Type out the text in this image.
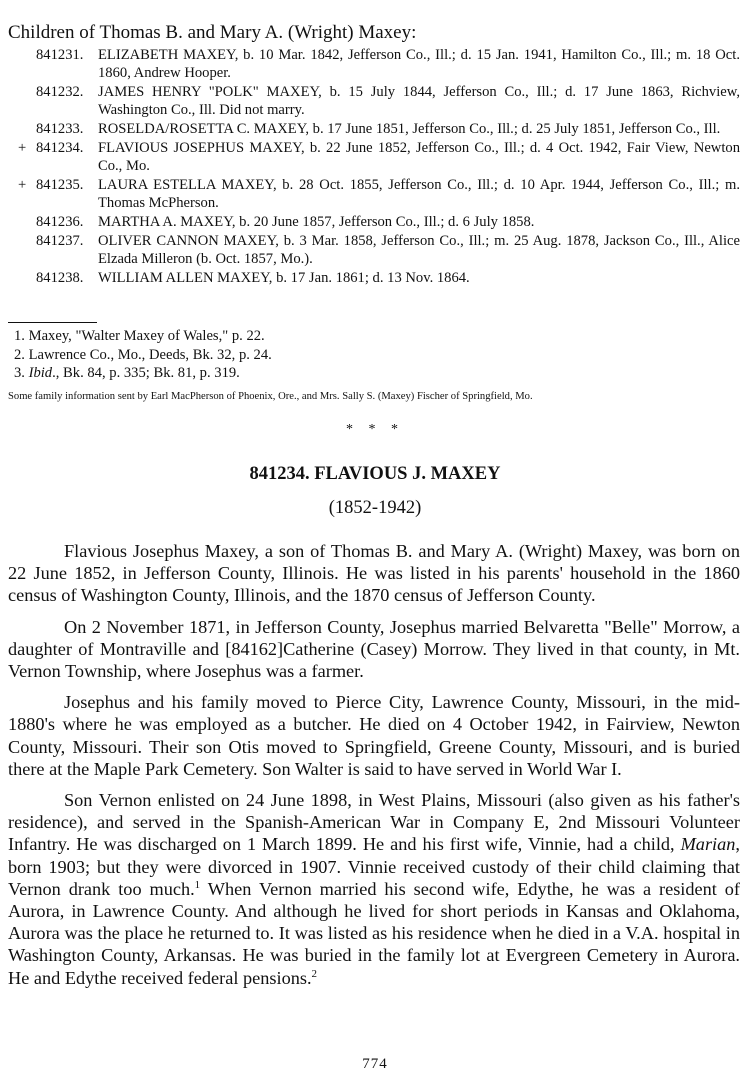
Children of Thomas B. and Mary A. (Wright) Maxey:
841231. ELIZABETH MAXEY, b. 10 Mar. 1842, Jefferson Co., Ill.; d. 15 Jan. 1941, Hamilton Co., Ill.; m. 18 Oct. 1860, Andrew Hooper.
841232. JAMES HENRY "POLK" MAXEY, b. 15 July 1844, Jefferson Co., Ill.; d. 17 June 1863, Richview, Washington Co., Ill. Did not marry.
841233. ROSELDA/ROSETTA C. MAXEY, b. 17 June 1851, Jefferson Co., Ill.; d. 25 July 1851, Jefferson Co., Ill.
+ 841234. FLAVIOUS JOSEPHUS MAXEY, b. 22 June 1852, Jefferson Co., Ill.; d. 4 Oct. 1942, Fair View, Newton Co., Mo.
+ 841235. LAURA ESTELLA MAXEY, b. 28 Oct. 1855, Jefferson Co., Ill.; d. 10 Apr. 1944, Jefferson Co., Ill.; m. Thomas McPherson.
841236. MARTHA A. MAXEY, b. 20 June 1857, Jefferson Co., Ill.; d. 6 July 1858.
841237. OLIVER CANNON MAXEY, b. 3 Mar. 1858, Jefferson Co., Ill.; m. 25 Aug. 1878, Jackson Co., Ill., Alice Elzada Milleron (b. Oct. 1857, Mo.).
841238. WILLIAM ALLEN MAXEY, b. 17 Jan. 1861; d. 13 Nov. 1864.
1. Maxey, "Walter Maxey of Wales," p. 22.
2. Lawrence Co., Mo., Deeds, Bk. 32, p. 24.
3. Ibid., Bk. 84, p. 335; Bk. 81, p. 319.
Some family information sent by Earl MacPherson of Phoenix, Ore., and Mrs. Sally S. (Maxey) Fischer of Springfield, Mo.
* * *
841234. FLAVIOUS J. MAXEY
(1852-1942)

Flavious Josephus Maxey, a son of Thomas B. and Mary A. (Wright) Maxey, was born on 22 June 1852, in Jefferson County, Illinois. He was listed in his parents' household in the 1860 census of Washington County, Illinois, and the 1870 census of Jefferson County.

On 2 November 1871, in Jefferson County, Josephus married Belvaretta "Belle" Morrow, a daughter of Montraville and [84162]Catherine (Casey) Morrow. They lived in that county, in Mt. Vernon Township, where Josephus was a farmer.

Josephus and his family moved to Pierce City, Lawrence County, Missouri, in the mid-1880's where he was employed as a butcher. He died on 4 October 1942, in Fairview, Newton County, Missouri. Their son Otis moved to Springfield, Greene County, Missouri, and is buried there at the Maple Park Cemetery. Son Walter is said to have served in World War I.

Son Vernon enlisted on 24 June 1898, in West Plains, Missouri (also given as his father's residence), and served in the Spanish-American War in Company E, 2nd Missouri Volunteer Infantry. He was discharged on 1 March 1899. He and his first wife, Vinnie, had a child, Marian, born 1903; but they were divorced in 1907. Vinnie received custody of their child claiming that Vernon drank too much.$^1$ When Vernon married his second wife, Edythe, he was a resident of Aurora, in Lawrence County. And although he lived for short periods in Kansas and Oklahoma, Aurora was the place he returned to. It was listed as his residence when he died in a V.A. hospital in Washington County, Arkansas. He was buried in the family lot at Evergreen Cemetery in Aurora. He and Edythe received federal pensions.$^2$

774
